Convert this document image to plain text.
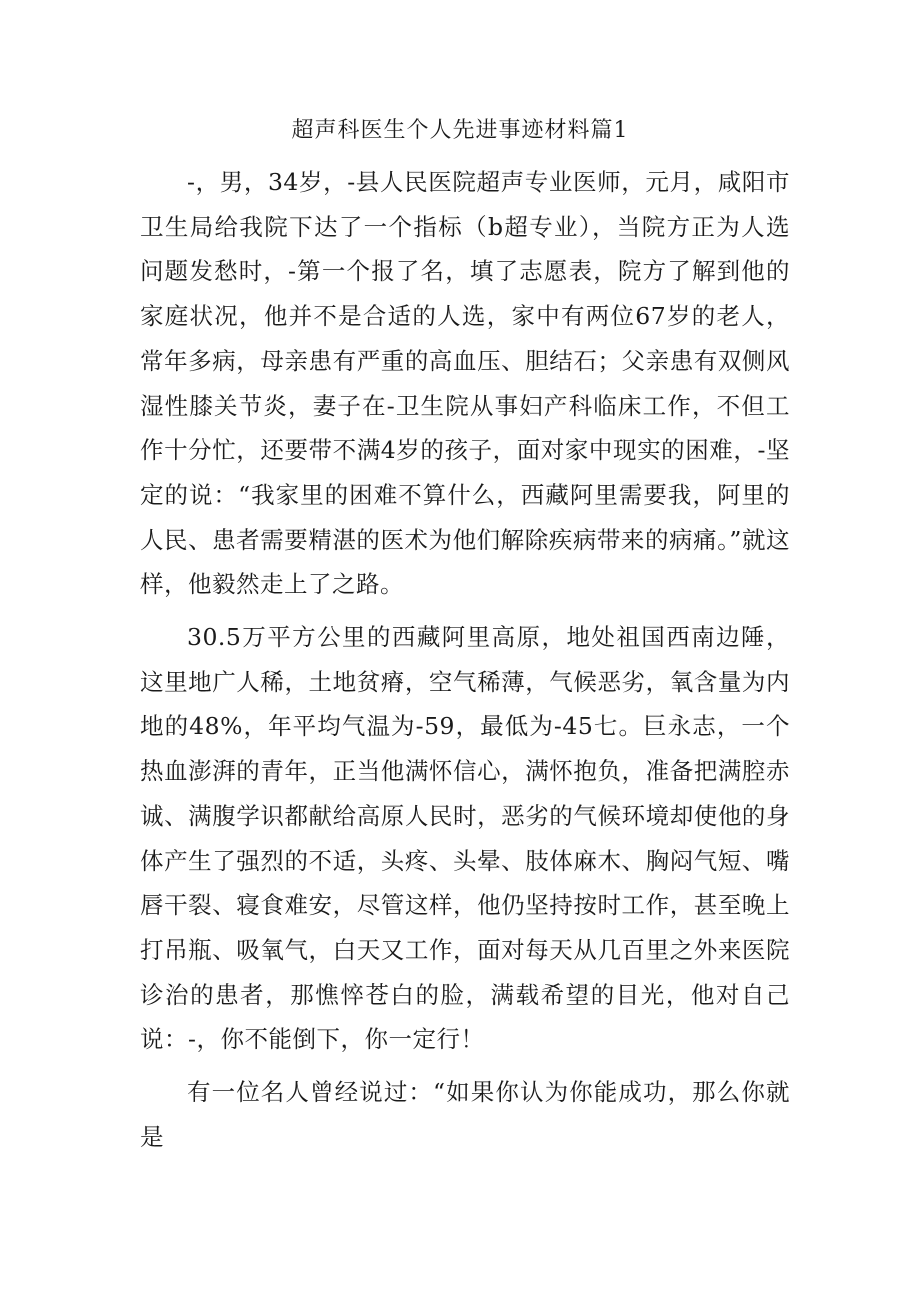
超声科医生个人先进事迹材料篇1

-，男，34岁，-县人民医院超声专业医师，元月，咸阳市卫生局给我院下达了一个指标（b超专业），当院方正为人选问题发愁时，-第一个报了名，填了志愿表，院方了解到他的家庭状况，他并不是合适的人选，家中有两位67岁的老人，常年多病，母亲患有严重的高血压、胆结石；父亲患有双侧风湿性膝关节炎，妻子在-卫生院从事妇产科临床工作，不但工作十分忙，还要带不满4岁的孩子，面对家中现实的困难，-坚定的说：“我家里的困难不算什么，西藏阿里需要我，阿里的人民、患者需要精湛的医术为他们解除疾病带来的病痛。”就这样，他毅然走上了之路。

30.5万平方公里的西藏阿里高原，地处祖国西南边陲，这里地广人稀，土地贫瘠，空气稀薄，气候恶劣，氧含量为内地的48%，年平均气温为-59，最低为-45七。巨永志，一个热血澎湃的青年，正当他满怀信心，满怀抱负，准备把满腔赤诚、满腹学识都献给高原人民时，恶劣的气候环境却使他的身体产生了强烈的不适，头疼、头晕、肢体麻木、胸闷气短、嘴唇干裂、寝食难安，尽管这样，他仍坚持按时工作，甚至晚上打吊瓶、吸氧气，白天又工作，面对每天从几百里之外来医院诊治的患者，那憔悴苍白的脸，满载希望的目光，他对自己说：-，你不能倒下，你一定行！

有一位名人曾经说过：“如果你认为你能成功，那么你就是
